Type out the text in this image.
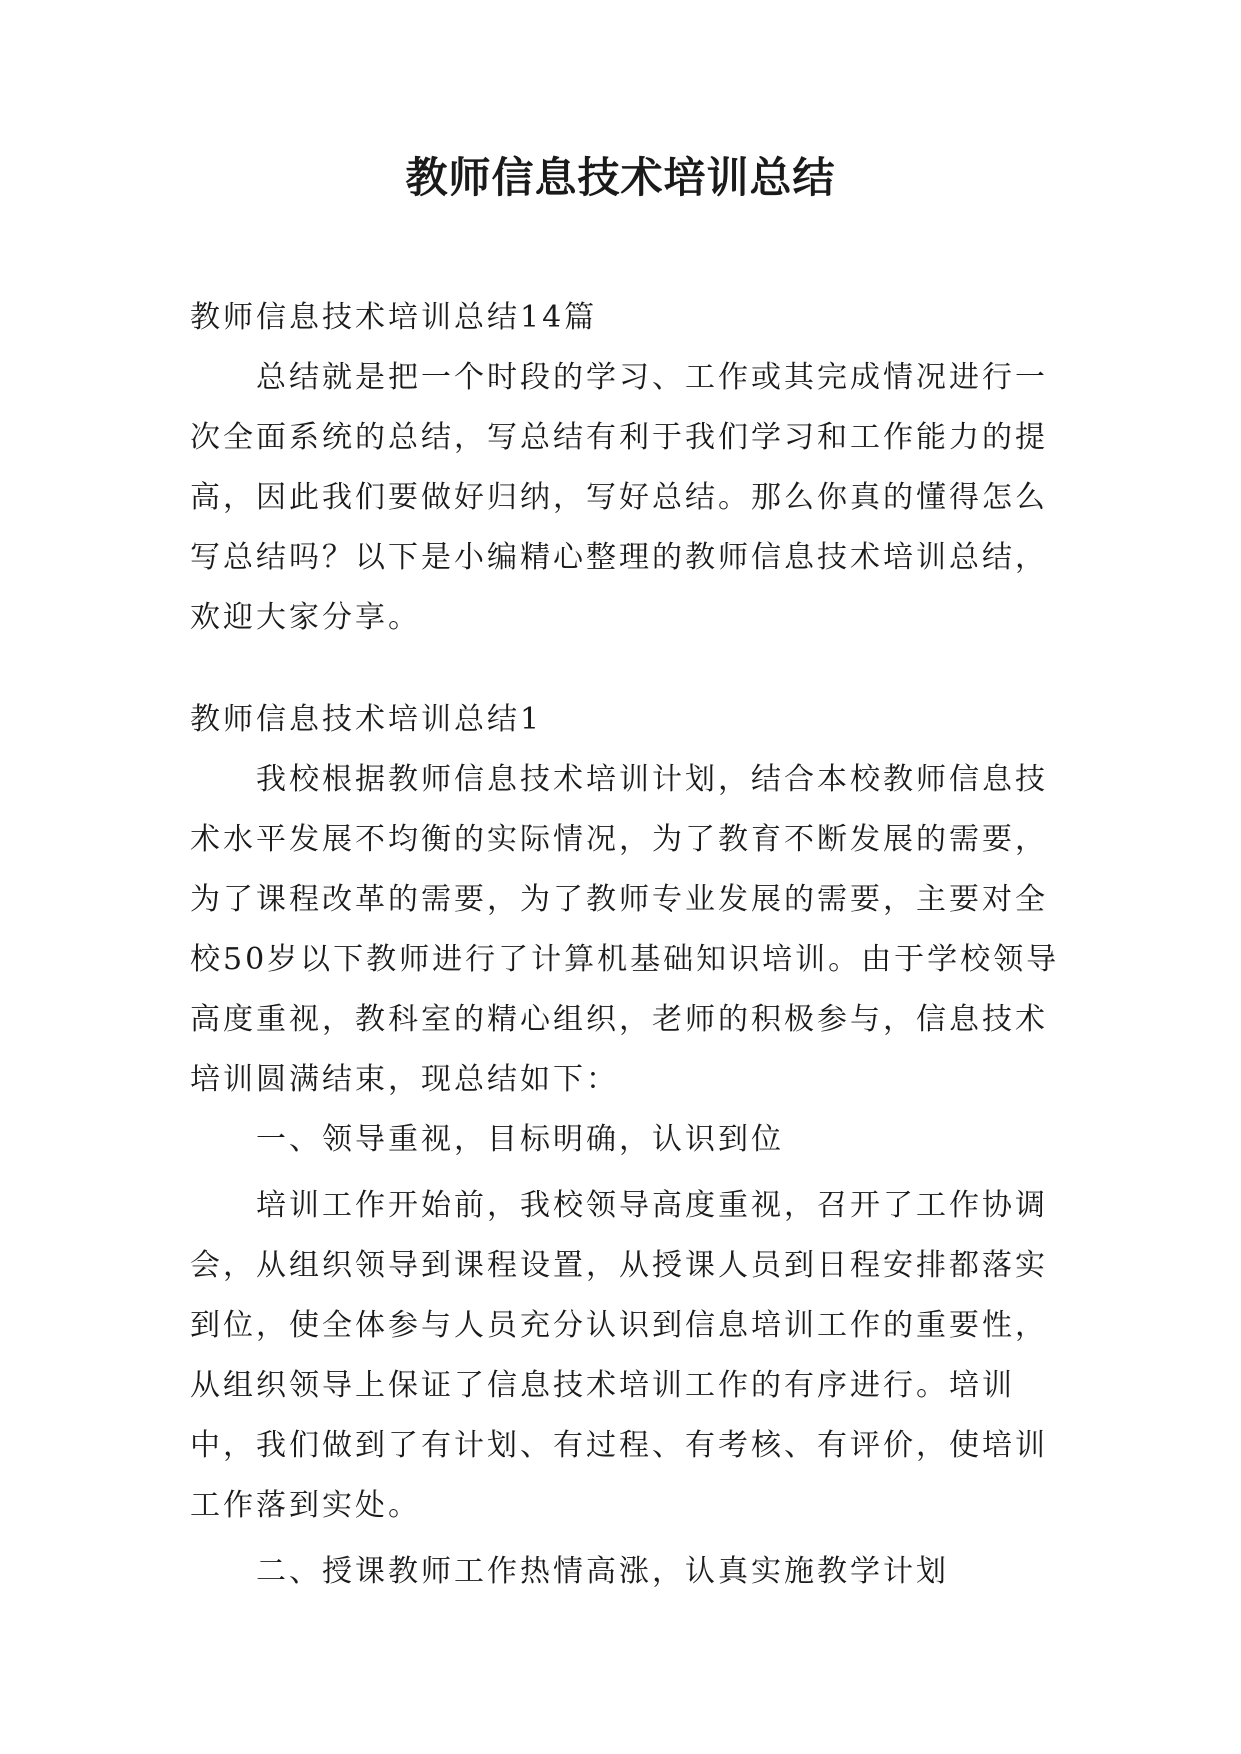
教师信息技术培训总结

教师信息技术培训总结14篇

总结就是把一个时段的学习、工作或其完成情况进行一次全面系统的总结，写总结有利于我们学习和工作能力的提高，因此我们要做好归纳，写好总结。那么你真的懂得怎么写总结吗？以下是小编精心整理的教师信息技术培训总结，欢迎大家分享。

教师信息技术培训总结1

我校根据教师信息技术培训计划，结合本校教师信息技术水平发展不均衡的实际情况，为了教育不断发展的需要，为了课程改革的需要，为了教师专业发展的需要，主要对全校50岁以下教师进行了计算机基础知识培训。由于学校领导高度重视，教科室的精心组织，老师的积极参与，信息技术培训圆满结束，现总结如下：

一、领导重视，目标明确，认识到位

培训工作开始前，我校领导高度重视，召开了工作协调会，从组织领导到课程设置，从授课人员到日程安排都落实到位，使全体参与人员充分认识到信息培训工作的重要性，从组织领导上保证了信息技术培训工作的有序进行。培训中，我们做到了有计划、有过程、有考核、有评价，使培训工作落到实处。

二、授课教师工作热情高涨，认真实施教学计划
